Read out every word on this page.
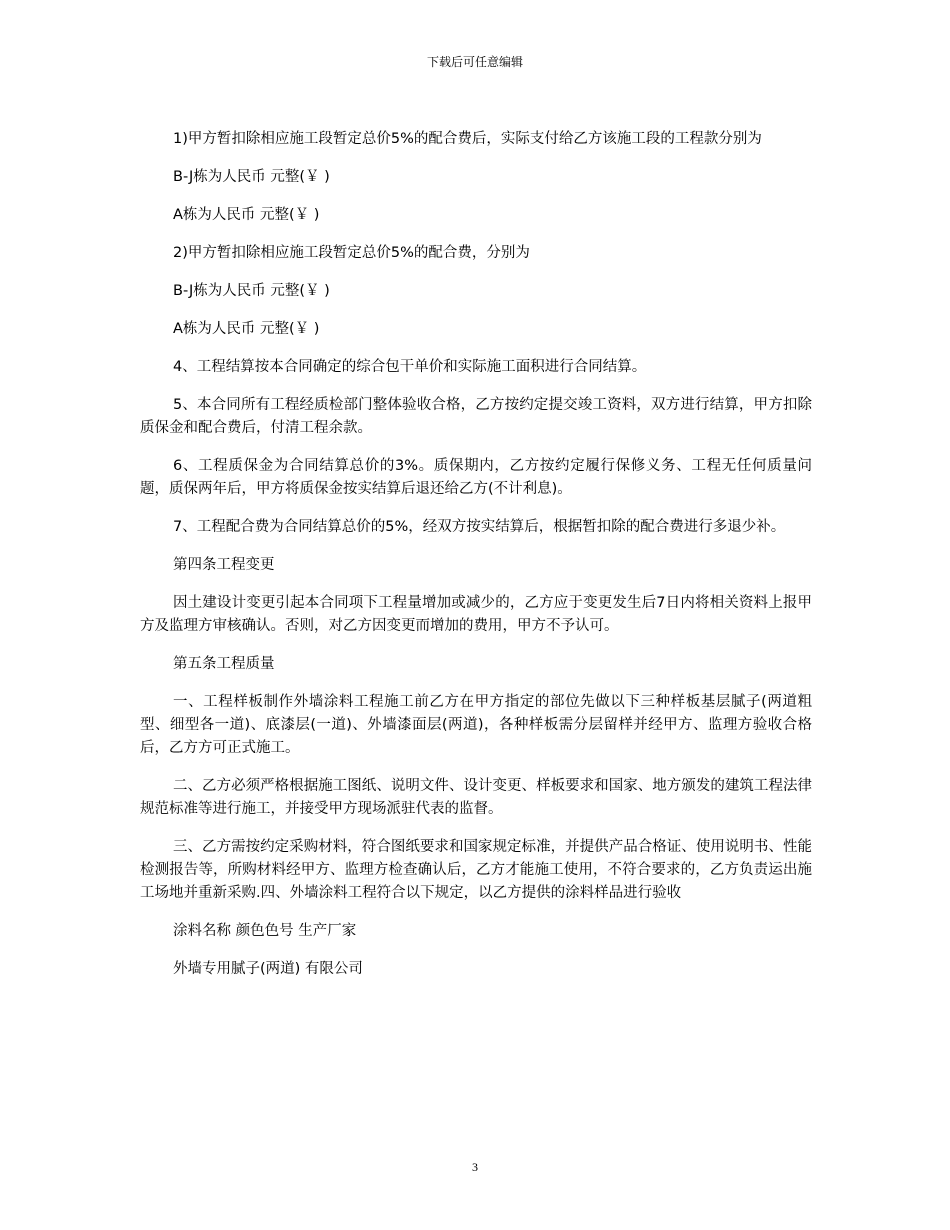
下载后可任意编辑

1)甲方暂扣除相应施工段暂定总价5%的配合费后，实际支付给乙方该施工段的工程款分别为

B-J栋为人民币 元整(￥ )

A栋为人民币 元整(￥ )

2)甲方暂扣除相应施工段暂定总价5%的配合费，分别为

B-J栋为人民币 元整(￥ )

A栋为人民币 元整(￥ )

4、工程结算按本合同确定的综合包干单价和实际施工面积进行合同结算。

5、本合同所有工程经质检部门整体验收合格，乙方按约定提交竣工资料，双方进行结算，甲方扣除质保金和配合费后，付清工程余款。

6、工程质保金为合同结算总价的3%。质保期内，乙方按约定履行保修义务、工程无任何质量问题，质保两年后，甲方将质保金按实结算后退还给乙方(不计利息)。

7、工程配合费为合同结算总价的5%，经双方按实结算后，根据暂扣除的配合费进行多退少补。

第四条工程变更

因土建设计变更引起本合同项下工程量增加或减少的，乙方应于变更发生后7日内将相关资料上报甲方及监理方审核确认。否则，对乙方因变更而增加的费用，甲方不予认可。

第五条工程质量

一、工程样板制作外墙涂料工程施工前乙方在甲方指定的部位先做以下三种样板基层腻子(两道粗型、细型各一道)、底漆层(一道)、外墙漆面层(两道)，各种样板需分层留样并经甲方、监理方验收合格后，乙方方可正式施工。

二、乙方必须严格根据施工图纸、说明文件、设计变更、样板要求和国家、地方颁发的建筑工程法律规范标准等进行施工，并接受甲方现场派驻代表的监督。

三、乙方需按约定采购材料，符合图纸要求和国家规定标准，并提供产品合格证、使用说明书、性能检测报告等，所购材料经甲方、监理方检查确认后，乙方才能施工使用，不符合要求的，乙方负责运出施工场地并重新采购.四、外墙涂料工程符合以下规定，以乙方提供的涂料样品进行验收

涂料名称 颜色色号 生产厂家

外墙专用腻子(两道) 有限公司

3
